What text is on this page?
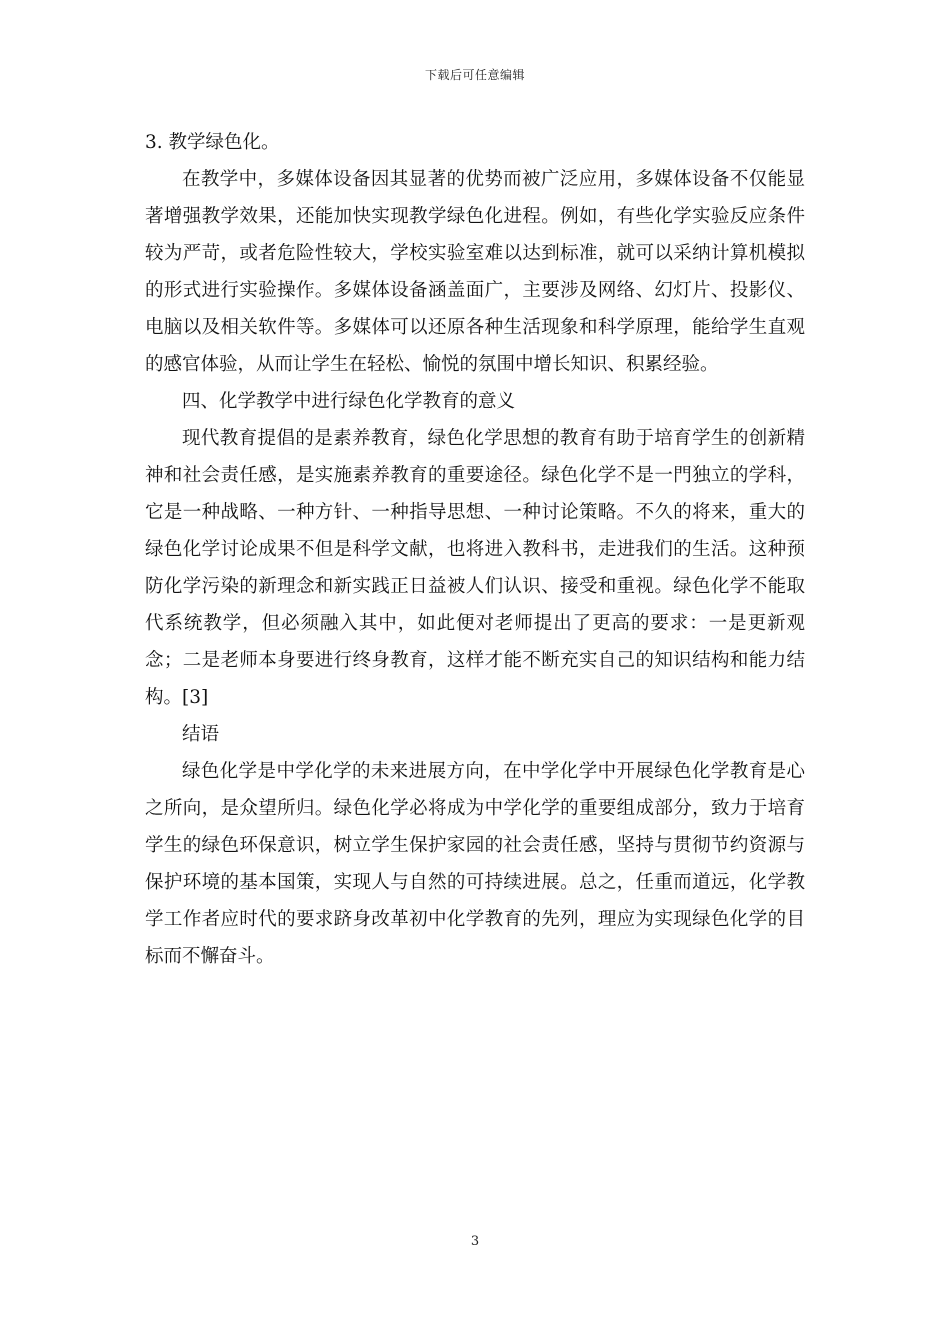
下载后可任意编辑

3. 教学绿色化。

在教学中，多媒体设备因其显著的优势而被广泛应用，多媒体设备不仅能显著增强教学效果，还能加快实现教学绿色化进程。例如，有些化学实验反应条件较为严苛，或者危险性较大，学校实验室难以达到标准，就可以采纳计算机模拟的形式进行实验操作。多媒体设备涵盖面广，主要涉及网络、幻灯片、投影仪、电脑以及相关软件等。多媒体可以还原各种生活现象和科学原理，能给学生直观的感官体验，从而让学生在轻松、愉悦的氛围中增长知识、积累经验。

四、化学教学中进行绿色化学教育的意义

现代教育提倡的是素养教育，绿色化学思想的教育有助于培育学生的创新精神和社会责任感，是实施素养教育的重要途径。绿色化学不是一門独立的学科，它是一种战略、一种方针、一种指导思想、一种讨论策略。不久的将来，重大的绿色化学讨论成果不但是科学文献，也将进入教科书，走进我们的生活。这种预防化学污染的新理念和新实践正日益被人们认识、接受和重视。绿色化学不能取代系统教学，但必须融入其中，如此便对老师提出了更高的要求：一是更新观念；二是老师本身要进行终身教育，这样才能不断充实自己的知识结构和能力结构。[3]

结语

绿色化学是中学化学的未来进展方向，在中学化学中开展绿色化学教育是心之所向，是众望所归。绿色化学必将成为中学化学的重要组成部分，致力于培育学生的绿色环保意识，树立学生保护家园的社会责任感，坚持与贯彻节约资源与保护环境的基本国策，实现人与自然的可持续进展。总之，任重而道远，化学教学工作者应时代的要求跻身改革初中化学教育的先列，理应为实现绿色化学的目标而不懈奋斗。

3
